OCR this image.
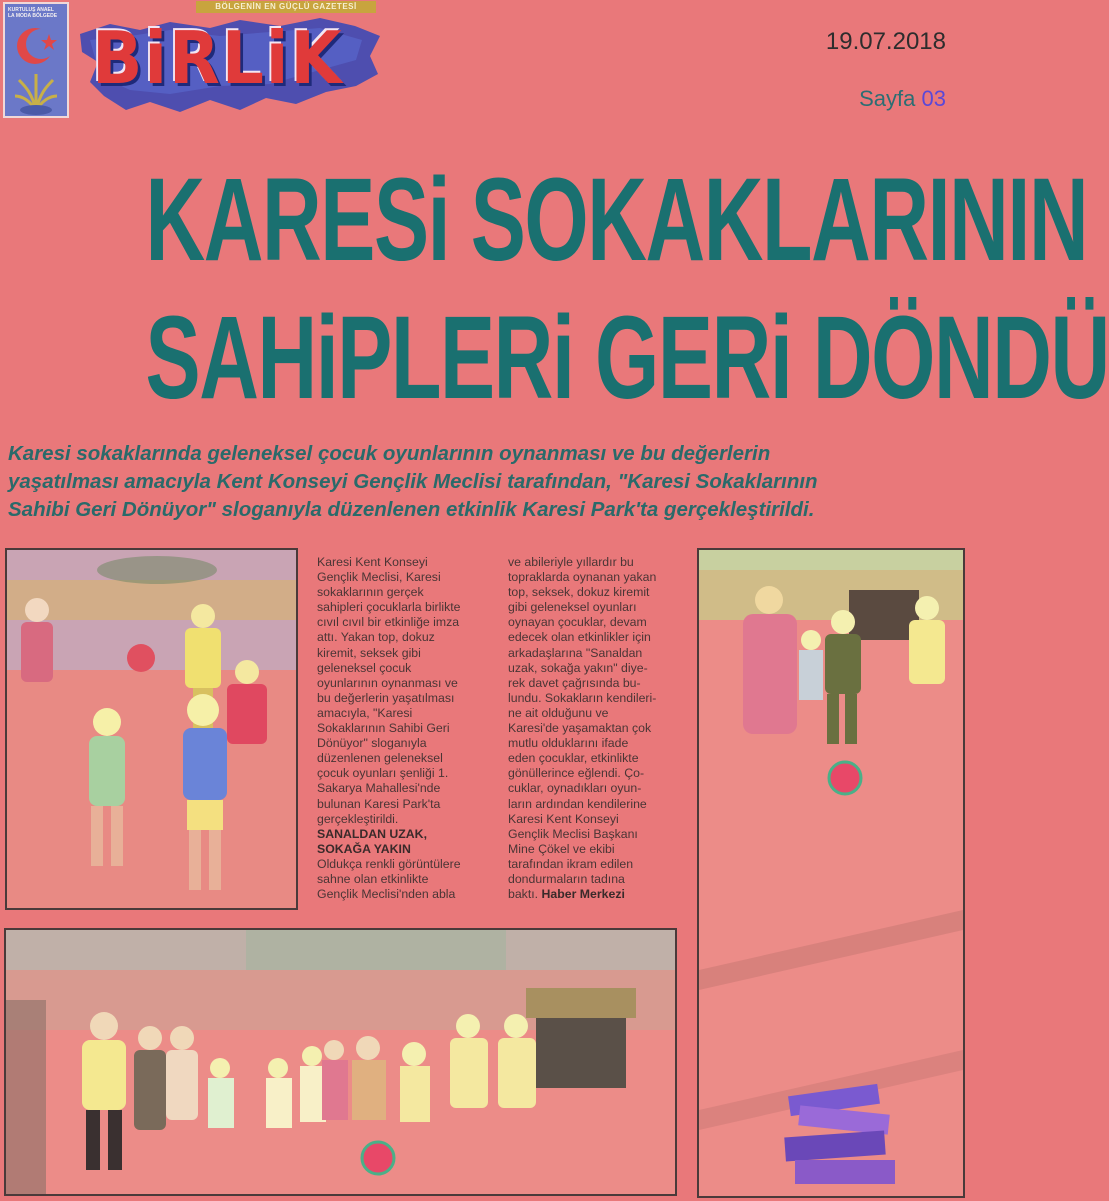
KURTULUŞ ANAEL
LA MODA BÖLGEDE
BÖLGENİN EN GÜÇLÜ GAZETESİ
BiRLiK	19.07.2018
Sayfa 03
KARESi SOKAKLARININ
SAHiPLERi GERi DÖNDÜ
Karesi sokaklarında geleneksel çocuk oyunlarının oynanması ve bu değerlerin
yaşatılması amacıyla Kent Konseyi Gençlik Meclisi tarafından, "Karesi Sokaklarının
Sahibi Geri Dönüyor" sloganıyla düzenlenen etkinlik Karesi Park'ta gerçekleştirildi.
Karesi Kent Konseyi
Gençlik Meclisi, Karesi
sokaklarının gerçek
sahipleri çocuklarla birlikte
cıvıl cıvıl bir etkinliğe imza
attı. Yakan top, dokuz
kiremit, seksek gibi
geleneksel çocuk
oyunlarının oynanması ve
bu değerlerin yaşatılması
amacıyla, "Karesi
Sokaklarının Sahibi Geri
Dönüyor" sloganıyla
düzenlenen geleneksel
çocuk oyunları şenliği 1.
Sakarya Mahallesi'nde
bulunan Karesi Park'ta
gerçekleştirildi.
SANALDAN UZAK,
SOKAĞA YAKIN
Oldukça renkli görüntülere
sahne olan etkinlikte
Gençlik Meclisi'nden abla
ve abileriyle yıllardır bu
topraklarda oynanan yakan
top, seksek, dokuz kiremit
gibi geleneksel oyunları
oynayan çocuklar, devam
edecek olan etkinlikler için
arkadaşlarına "Sanaldan
uzak, sokağa yakın" diye-
rek davet çağrısında bu-
lundu. Sokakların kendileri-
ne ait olduğunu ve
Karesi'de yaşamaktan çok
mutlu olduklarını ifade
eden çocuklar, etkinlikte
gönüllerince eğlendi. Ço-
cuklar, oynadıkları oyun-
ların ardından kendilerine
Karesi Kent Konseyi
Gençlik Meclisi Başkanı
Mine Çökel ve ekibi
tarafından ikram edilen
dondurmaların tadına
baktı. Haber Merkezi
